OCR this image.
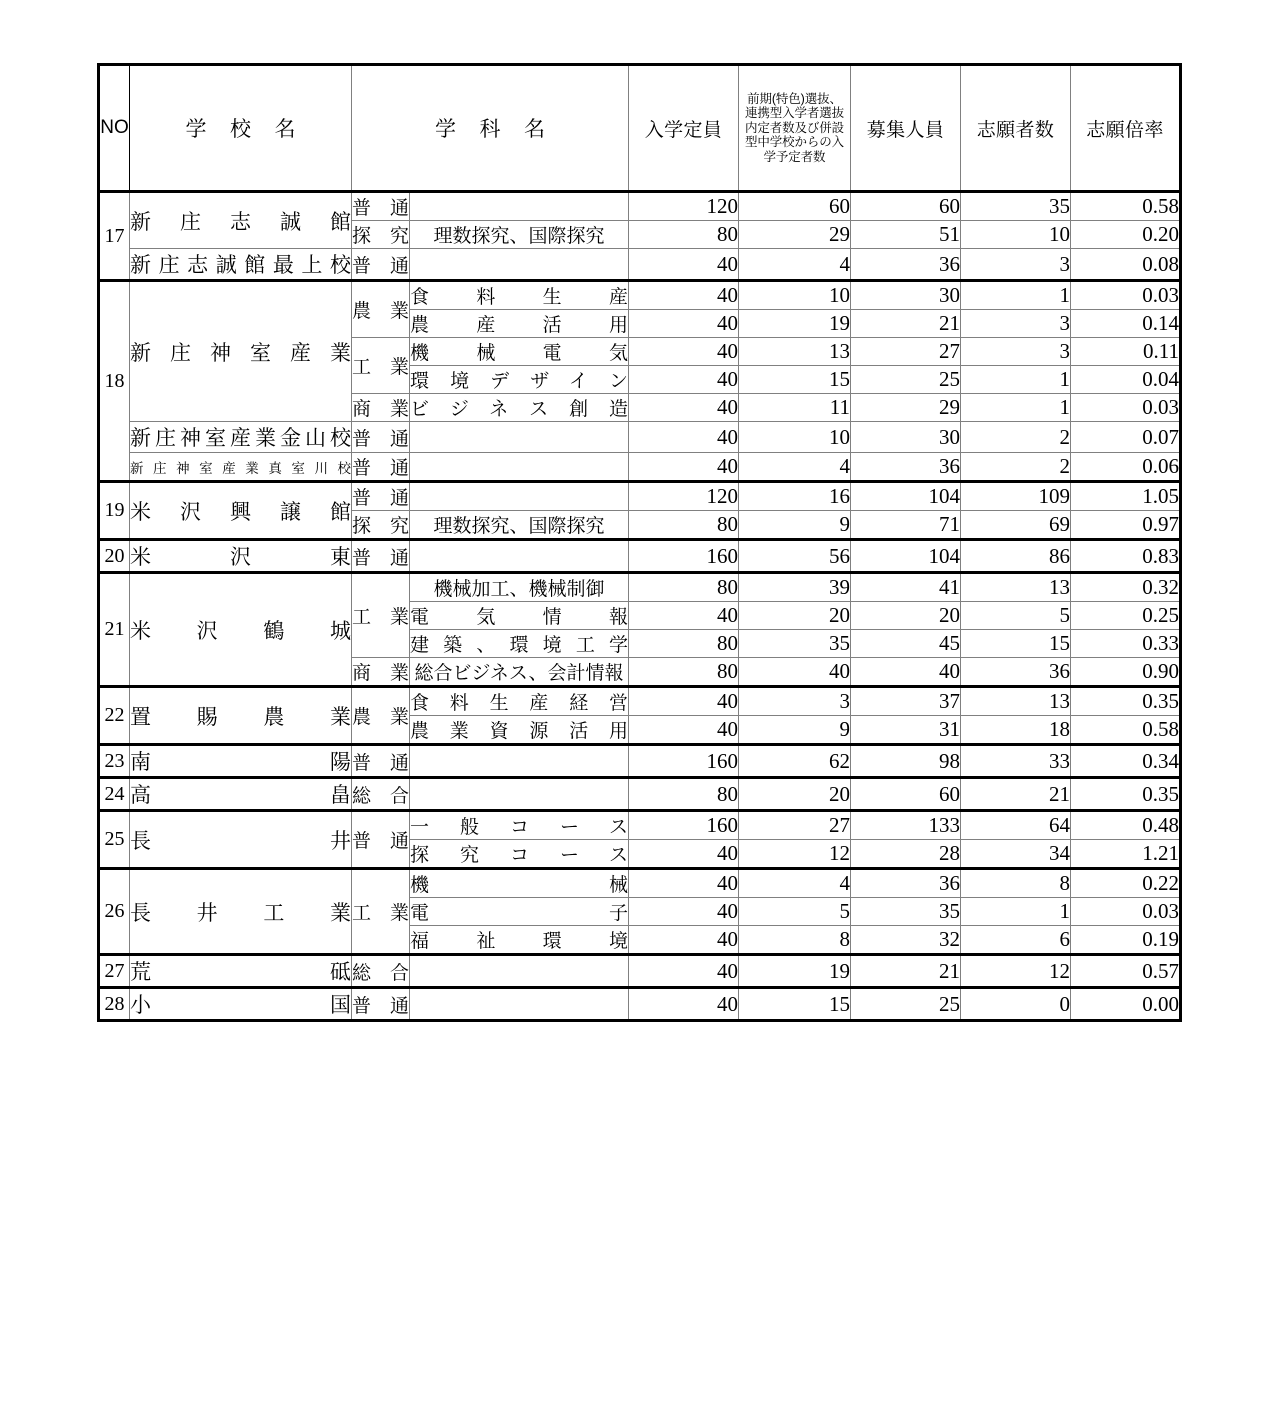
NO	学 校 名	学 科 名		入学定員	前期(特色)選抜、連携型入学者選抜内定者数及び併設型中学校からの入学予定者数	募集人員	志願者数	志願倍率
17	新庄志誠館	普通		120	60	60	35	0.58

		探究	理数探究、国際探究	80	29	51	10	0.20

	新庄志誠館最上校	普通		40	4	36	3	0.08
18	新庄神室産業	農業	食料生産	40	10	30	1	0.03

			農産活用	40	19	21	3	0.14

		工業	機械電気	40	13	27	3	0.11

			環境デザイン	40	15	25	1	0.04

		商業	ビジネス創造	40	11	29	1	0.03

	新庄神室産業金山校	普通		40	10	30	2	0.07

	新庄神室産業真室川校	普通		40	4	36	2	0.06
19	米沢興譲館	普通		120	16	104	109	1.05

		探究	理数探究、国際探究	80	9	71	69	0.97
20	米沢東	普通		160	56	104	86	0.83
21	米沢鶴城	工業	機械加工、機械制御	80	39	41	13	0.32

			電気情報	40	20	20	5	0.25

			建築、環境工学	80	35	45	15	0.33

		商業	総合ビジネス、会計情報	80	40	40	36	0.90
22	置賜農業	農業	食料生産経営	40	3	37	13	0.35

			農業資源活用	40	9	31	18	0.58
23	南陽	普通		160	62	98	33	0.34
24	高畠	総合		80	20	60	21	0.35
25	長井	普通	一般コース	160	27	133	64	0.48

			探究コース	40	12	28	34	1.21
26	長井工業	工業	機械	40	4	36	8	0.22

			電子	40	5	35	1	0.03

			福祉環境	40	8	32	6	0.19
27	荒砥	総合		40	19	21	12	0.57
28	小国	普通		40	15	25	0	0.00
